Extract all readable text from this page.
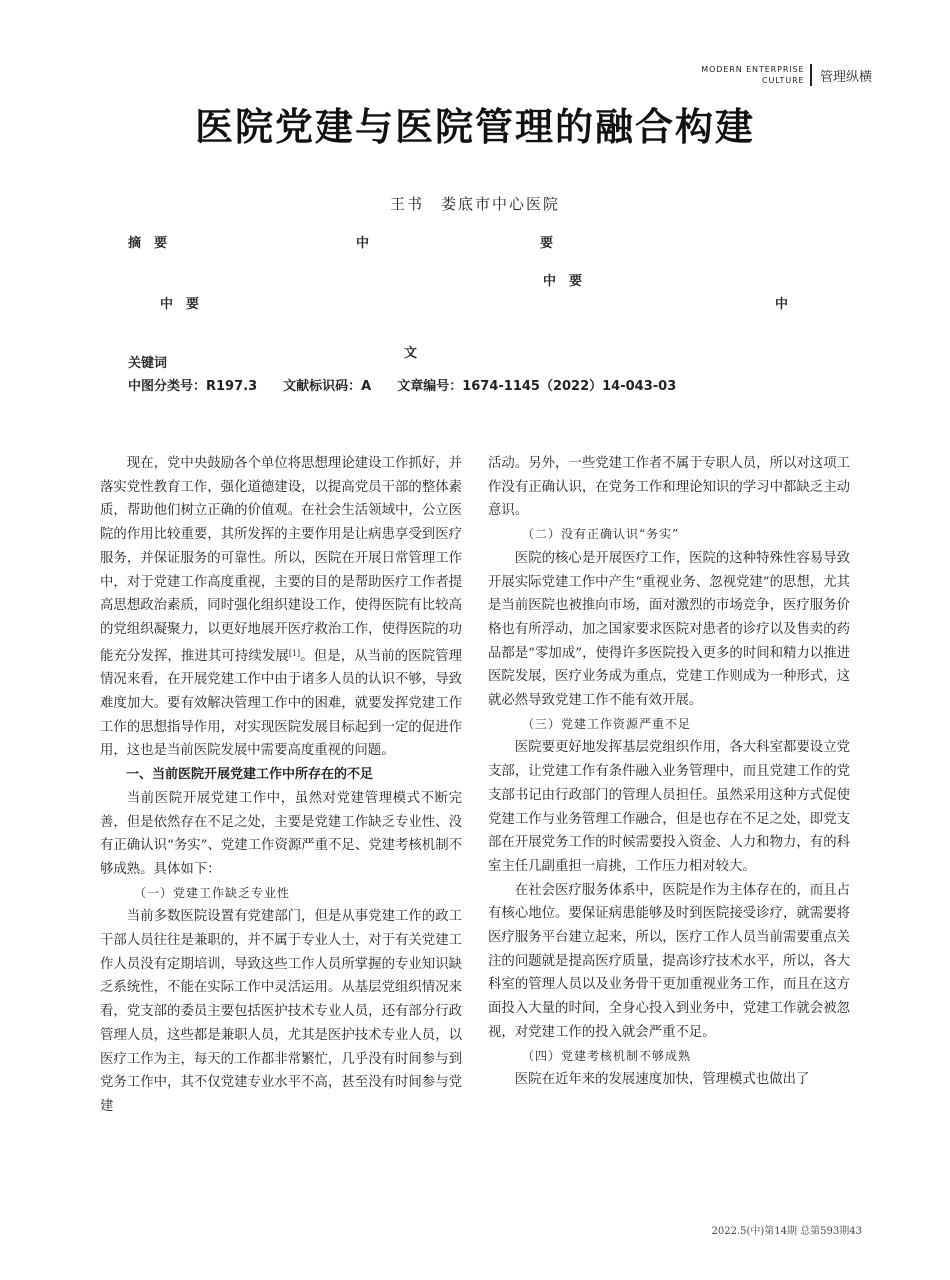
MODERN ENTERPRISE
CULTURE 管理纵横
医院党建与医院管理的融合构建
王书　娄底市中心医院
摘　要	中	要
中　要
中　要	中
文
关键词
中图分类号：R197.3　　文献标识码：A　　文章编号：1674-1145（2022）14-043-03

现在，党中央鼓励各个单位将思想理论建设工作抓好，并落实党性教育工作，强化道德建设，以提高党员干部的整体素质，帮助他们树立正确的价值观。在社会生活领域中，公立医院的作用比较重要，其所发挥的主要作用是让病患享受到医疗服务，并保证服务的可靠性。所以，医院在开展日常管理工作中，对于党建工作高度重视，主要的目的是帮助医疗工作者提高思想政治素质，同时强化组织建设工作，使得医院有比较高的党组织凝聚力，以更好地展开医疗救治工作，使得医院的功能充分发挥，推进其可持续发展[1]。但是，从当前的医院管理情况来看，在开展党建工作中由于诸多人员的认识不够，导致难度加大。要有效解决管理工作中的困难，就要发挥党建工作工作的思想指导作用，对实现医院发展目标起到一定的促进作用，这也是当前医院发展中需要高度重视的问题。

一、当前医院开展党建工作中所存在的不足

当前医院开展党建工作中，虽然对党建管理模式不断完善，但是依然存在不足之处，主要是党建工作缺乏专业性、没有正确认识“务实”、党建工作资源严重不足、党建考核机制不够成熟。具体如下：

（一）党建工作缺乏专业性

当前多数医院设置有党建部门，但是从事党建工作的政工干部人员往往是兼职的，并不属于专业人士，对于有关党建工作人员没有定期培训，导致这些工作人员所掌握的专业知识缺乏系统性，不能在实际工作中灵活运用。从基层党组织情况来看，党支部的委员主要包括医护技术专业人员，还有部分行政管理人员，这些都是兼职人员，尤其是医护技术专业人员，以医疗工作为主，每天的工作都非常繁忙，几乎没有时间参与到党务工作中，其不仅党建专业水平不高，甚至没有时间参与党建

活动。另外，一些党建工作者不属于专职人员，所以对这项工作没有正确认识，在党务工作和理论知识的学习中都缺乏主动意识。

（二）没有正确认识“务实”

医院的核心是开展医疗工作，医院的这种特殊性容易导致开展实际党建工作中产生“重视业务、忽视党建”的思想，尤其是当前医院也被推向市场，面对激烈的市场竞争，医疗服务价格也有所浮动，加之国家要求医院对患者的诊疗以及售卖的药品都是“零加成”，使得许多医院投入更多的时间和精力以推进医院发展，医疗业务成为重点，党建工作则成为一种形式，这就必然导致党建工作不能有效开展。

（三）党建工作资源严重不足

医院要更好地发挥基层党组织作用，各大科室都要设立党支部，让党建工作有条件融入业务管理中，而且党建工作的党支部书记由行政部门的管理人员担任。虽然采用这种方式促使党建工作与业务管理工作融合，但是也存在不足之处，即党支部在开展党务工作的时候需要投入资金、人力和物力，有的科室主任几副重担一肩挑，工作压力相对较大。

在社会医疗服务体系中，医院是作为主体存在的，而且占有核心地位。要保证病患能够及时到医院接受诊疗，就需要将医疗服务平台建立起来，所以，医疗工作人员当前需要重点关注的问题就是提高医疗质量，提高诊疗技术水平，所以，各大科室的管理人员以及业务骨干更加重视业务工作，而且在这方面投入大量的时间，全身心投入到业务中，党建工作就会被忽视，对党建工作的投入就会严重不足。

（四）党建考核机制不够成熟

医院在近年来的发展速度加快，管理模式也做出了

2022.5(中)第14期 总第593期43
